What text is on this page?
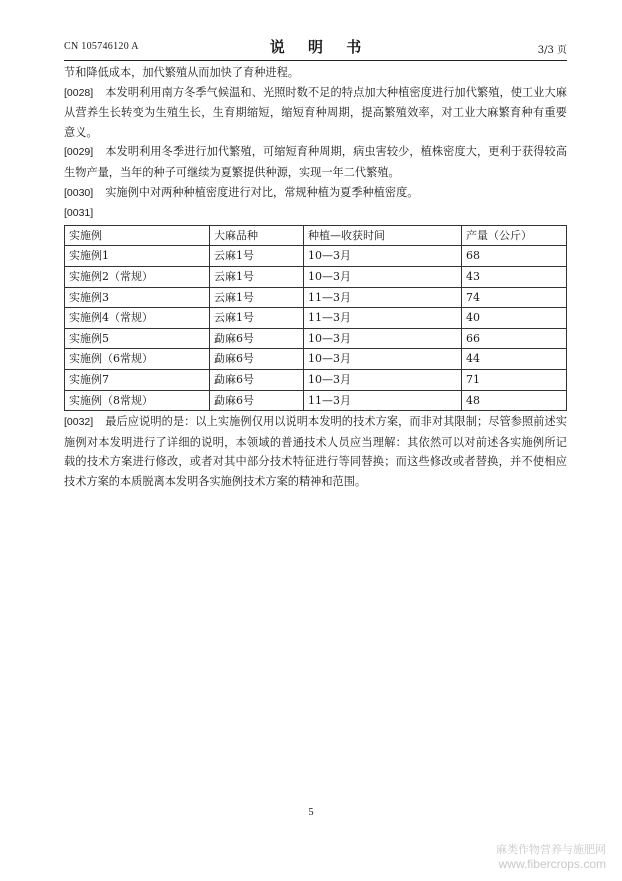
CN 105746120 A	说 明 书	3/3 页

节和降低成本，加代繁殖从而加快了育种进程。

[0028] 本发明利用南方冬季气候温和、光照时数不足的特点加大种植密度进行加代繁殖，使工业大麻从营养生长转变为生殖生长，生育期缩短，缩短育种周期，提高繁殖效率，对工业大麻繁育种有重要意义。

[0029] 本发明利用冬季进行加代繁殖，可缩短育种周期，病虫害较少，植株密度大，更利于获得较高生物产量，当年的种子可继续为夏繁提供种源，实现一年二代繁殖。

[0030] 实施例中对两种种植密度进行对比，常规种植为夏季种植密度。

[0031]

实施例	大麻品种	种植—收获时间	产量（公斤）
实施例1	云麻1号	10—3月	68
实施例2（常规）	云麻1号	10—3月	43
实施例3	云麻1号	11—3月	74
实施例4（常规）	云麻1号	11—3月	40
实施例5	勐麻6号	10—3月	66
实施例（6常规）	勐麻6号	10—3月	44
实施例7	勐麻6号	10—3月	71
实施例（8常规）	勐麻6号	11—3月	48

[0032] 最后应说明的是：以上实施例仅用以说明本发明的技术方案，而非对其限制；尽管参照前述实施例对本发明进行了详细的说明，本领域的普通技术人员应当理解：其依然可以对前述各实施例所记载的技术方案进行修改，或者对其中部分技术特征进行等同替换；而这些修改或者替换，并不使相应技术方案的本质脱离本发明各实施例技术方案的精神和范围。

5
麻类作物营养与施肥网
www.fibercrops.com
